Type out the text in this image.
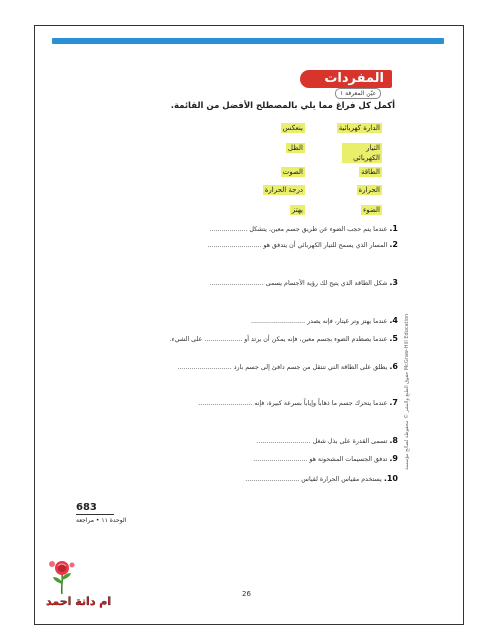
المفردات
عيّن المعرفة ١
أكمل كل فراغ مما يلي بالمصطلح الأفضل من القائمة.
الدارة كهربائية
ينعكس
التيار الكهربائي
الظل
الطاقة
الصوت
الحرارة
درجة الحرارة
الضوء
يهتز
1. عندما يتم حجب الضوء عن طريق جسم معين، يتشكل ...................
2. المسار الذي يسمح للتيار الكهربائي أن يتدفق هو ...........................
3. شكل الطاقة الذي يتيح لك رؤية الأجسام يسمى ...........................
4. عندما يهتز وتر غيتار، فإنه يصدر ...........................
5. عندما يصطدم الضوء بجسم معين، فإنه يمكن أن يرتد أو ................... على الشيء.
6. يطلق على الطاقة التي تنتقل من جسم دافئ إلى جسم بارد ...........................
7. عندما يتحرك جسم ما ذهاباً وإياباً بسرعة كبيرة، فإنه ...........................
8. تسمى القدرة على بذل شغل ...........................
9. تدفق الجسيمات المشحونة هو ...........................
10. يستخدم مقياس الحرارة لقياس ...........................
683
الوحدة ١١ • مراجعة
حقوق الطبع والنشر © محفوظة لصالح مؤسسة McGraw-Hill Education
26
ام دانة احمد
